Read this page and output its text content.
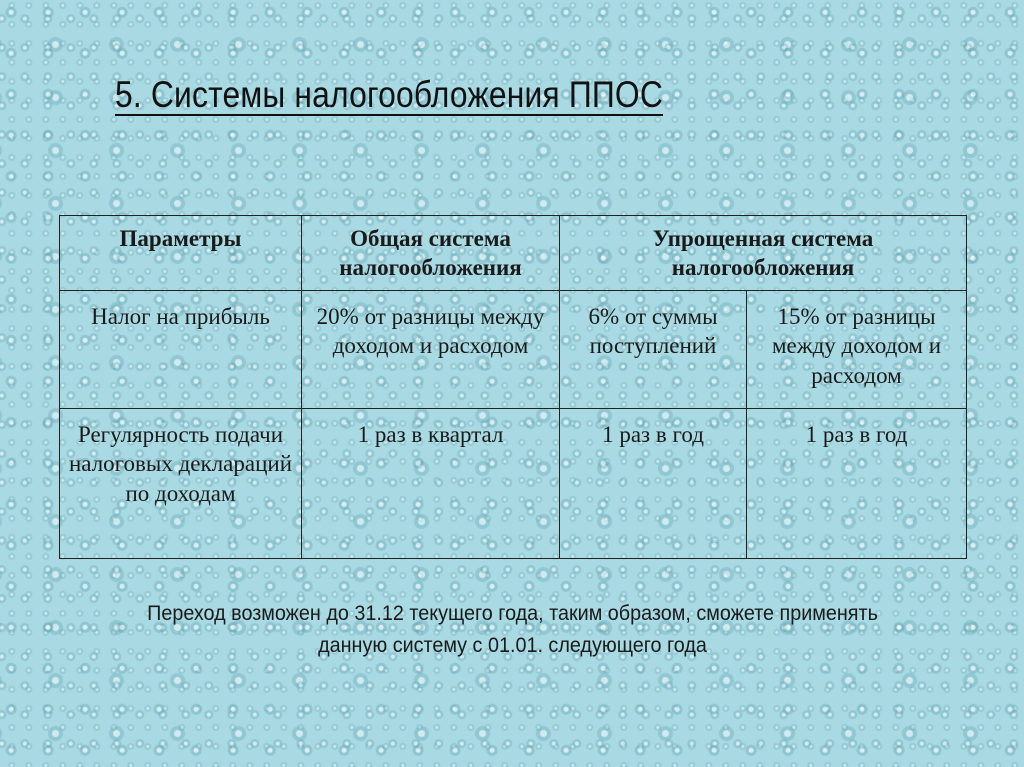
5. Системы налогообложения ППОС
Параметры	Общая система налогообложения	Упрощенная система налогообложения	
Налог на прибыль	20% от разницы между доходом и расходом	6% от суммы поступлений	15% от разницы между доходом и расходом
Регулярность подачи налоговых деклараций по доходам	1 раз в квартал	1 раз в год	1 раз в год

Переход возможен до 31.12 текущего года, таким образом, сможете применять
данную систему с 01.01. следующего года
